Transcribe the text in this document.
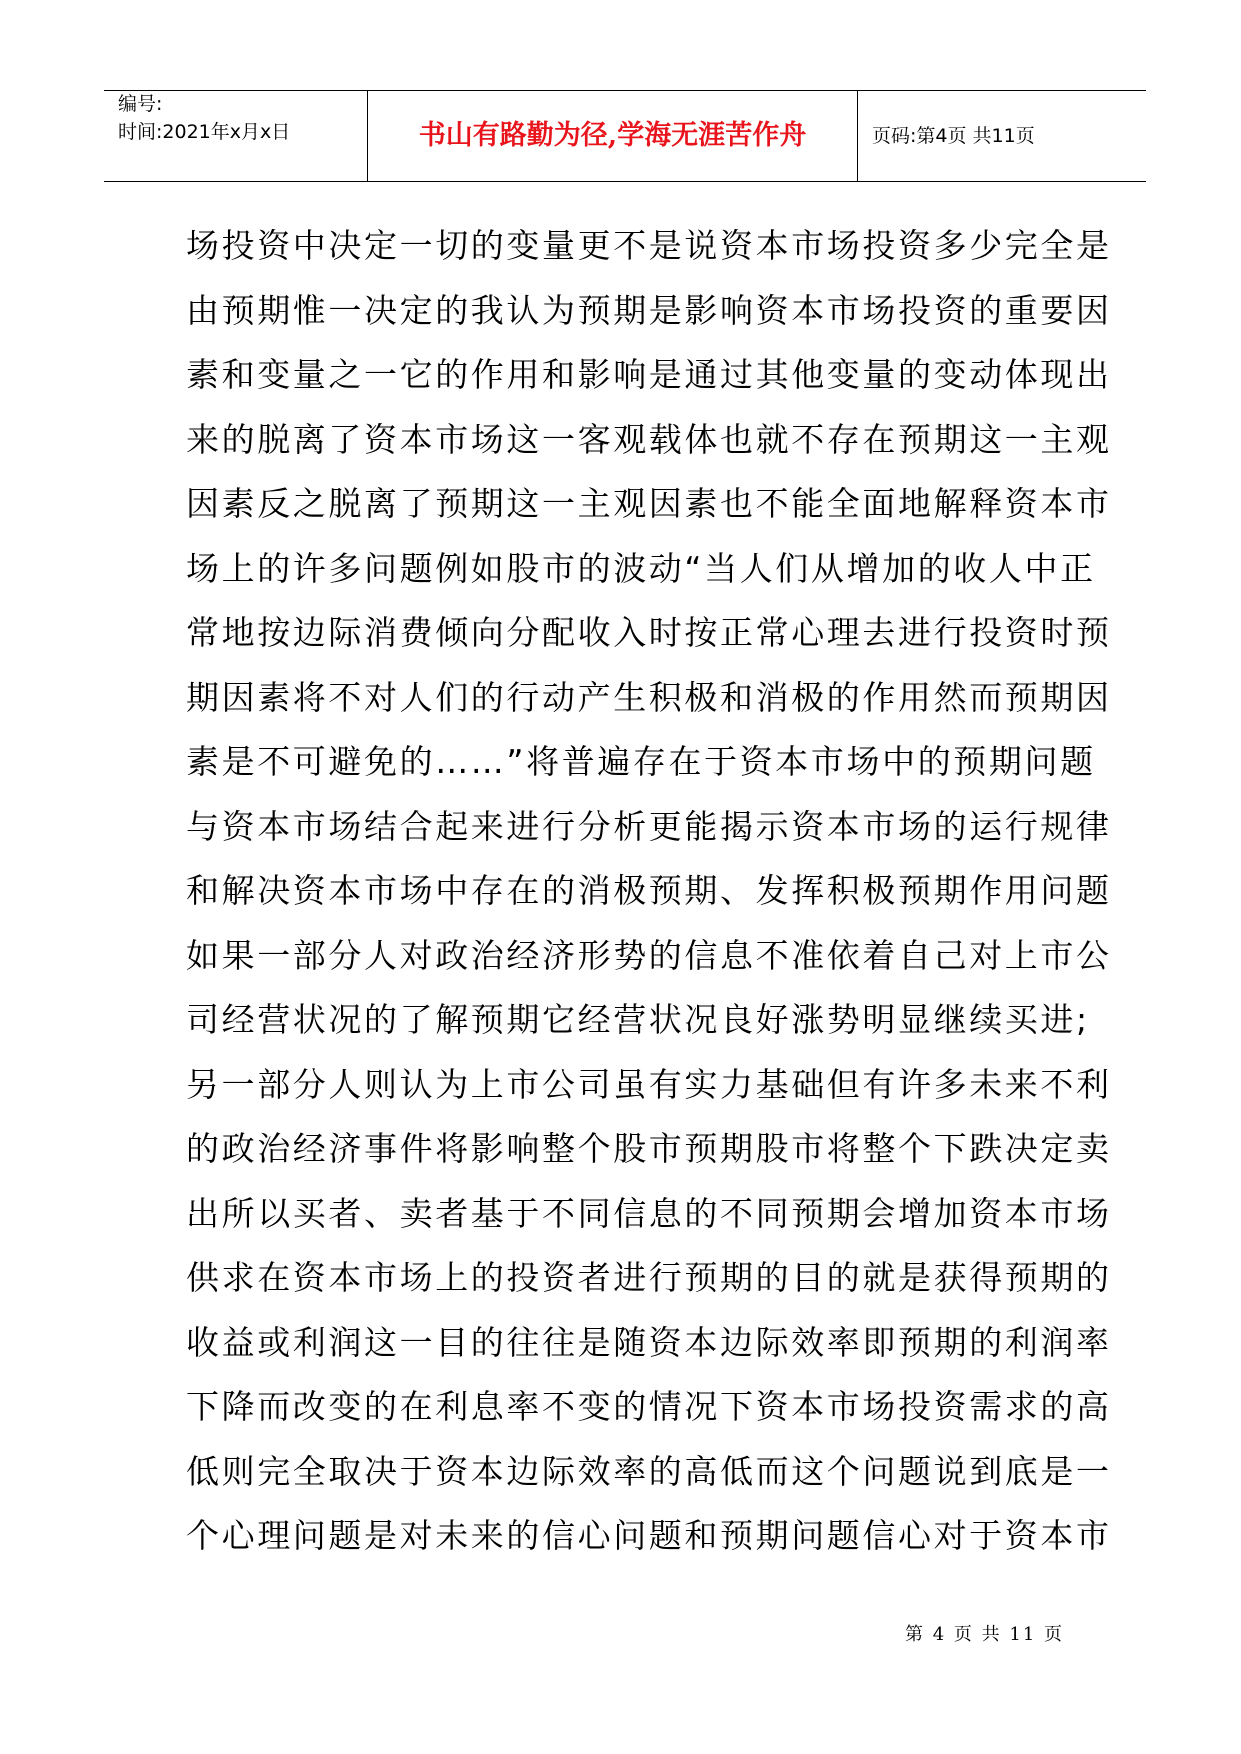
编号:
时间:2021年x月x日	书山有路勤为径,学海无涯苦作舟	页码:第4页 共11页
场投资中决定一切的变量更不是说资本市场投资多少完全是
由预期惟一决定的我认为预期是影响资本市场投资的重要因
素和变量之一它的作用和影响是通过其他变量的变动体现出
来的脱离了资本市场这一客观载体也就不存在预期这一主观
因素反之脱离了预期这一主观因素也不能全面地解释资本市
场上的许多问题例如股市的波动“当人们从增加的收人中正
常地按边际消费倾向分配收入时按正常心理去进行投资时预
期因素将不对人们的行动产生积极和消极的作用然而预期因
素是不可避免的……”将普遍存在于资本市场中的预期问题
与资本市场结合起来进行分析更能揭示资本市场的运行规律
和解决资本市场中存在的消极预期、发挥积极预期作用问题
如果一部分人对政治经济形势的信息不准依着自己对上市公
司经营状况的了解预期它经营状况良好涨势明显继续买进;
另一部分人则认为上市公司虽有实力基础但有许多未来不利
的政治经济事件将影响整个股市预期股市将整个下跌决定卖
出所以买者、卖者基于不同信息的不同预期会增加资本市场
供求在资本市场上的投资者进行预期的目的就是获得预期的
收益或利润这一目的往往是随资本边际效率即预期的利润率
下降而改变的在利息率不变的情况下资本市场投资需求的高
低则完全取决于资本边际效率的高低而这个问题说到底是一
个心理问题是对未来的信心问题和预期问题信心对于资本市
第 4 页 共 11 页
